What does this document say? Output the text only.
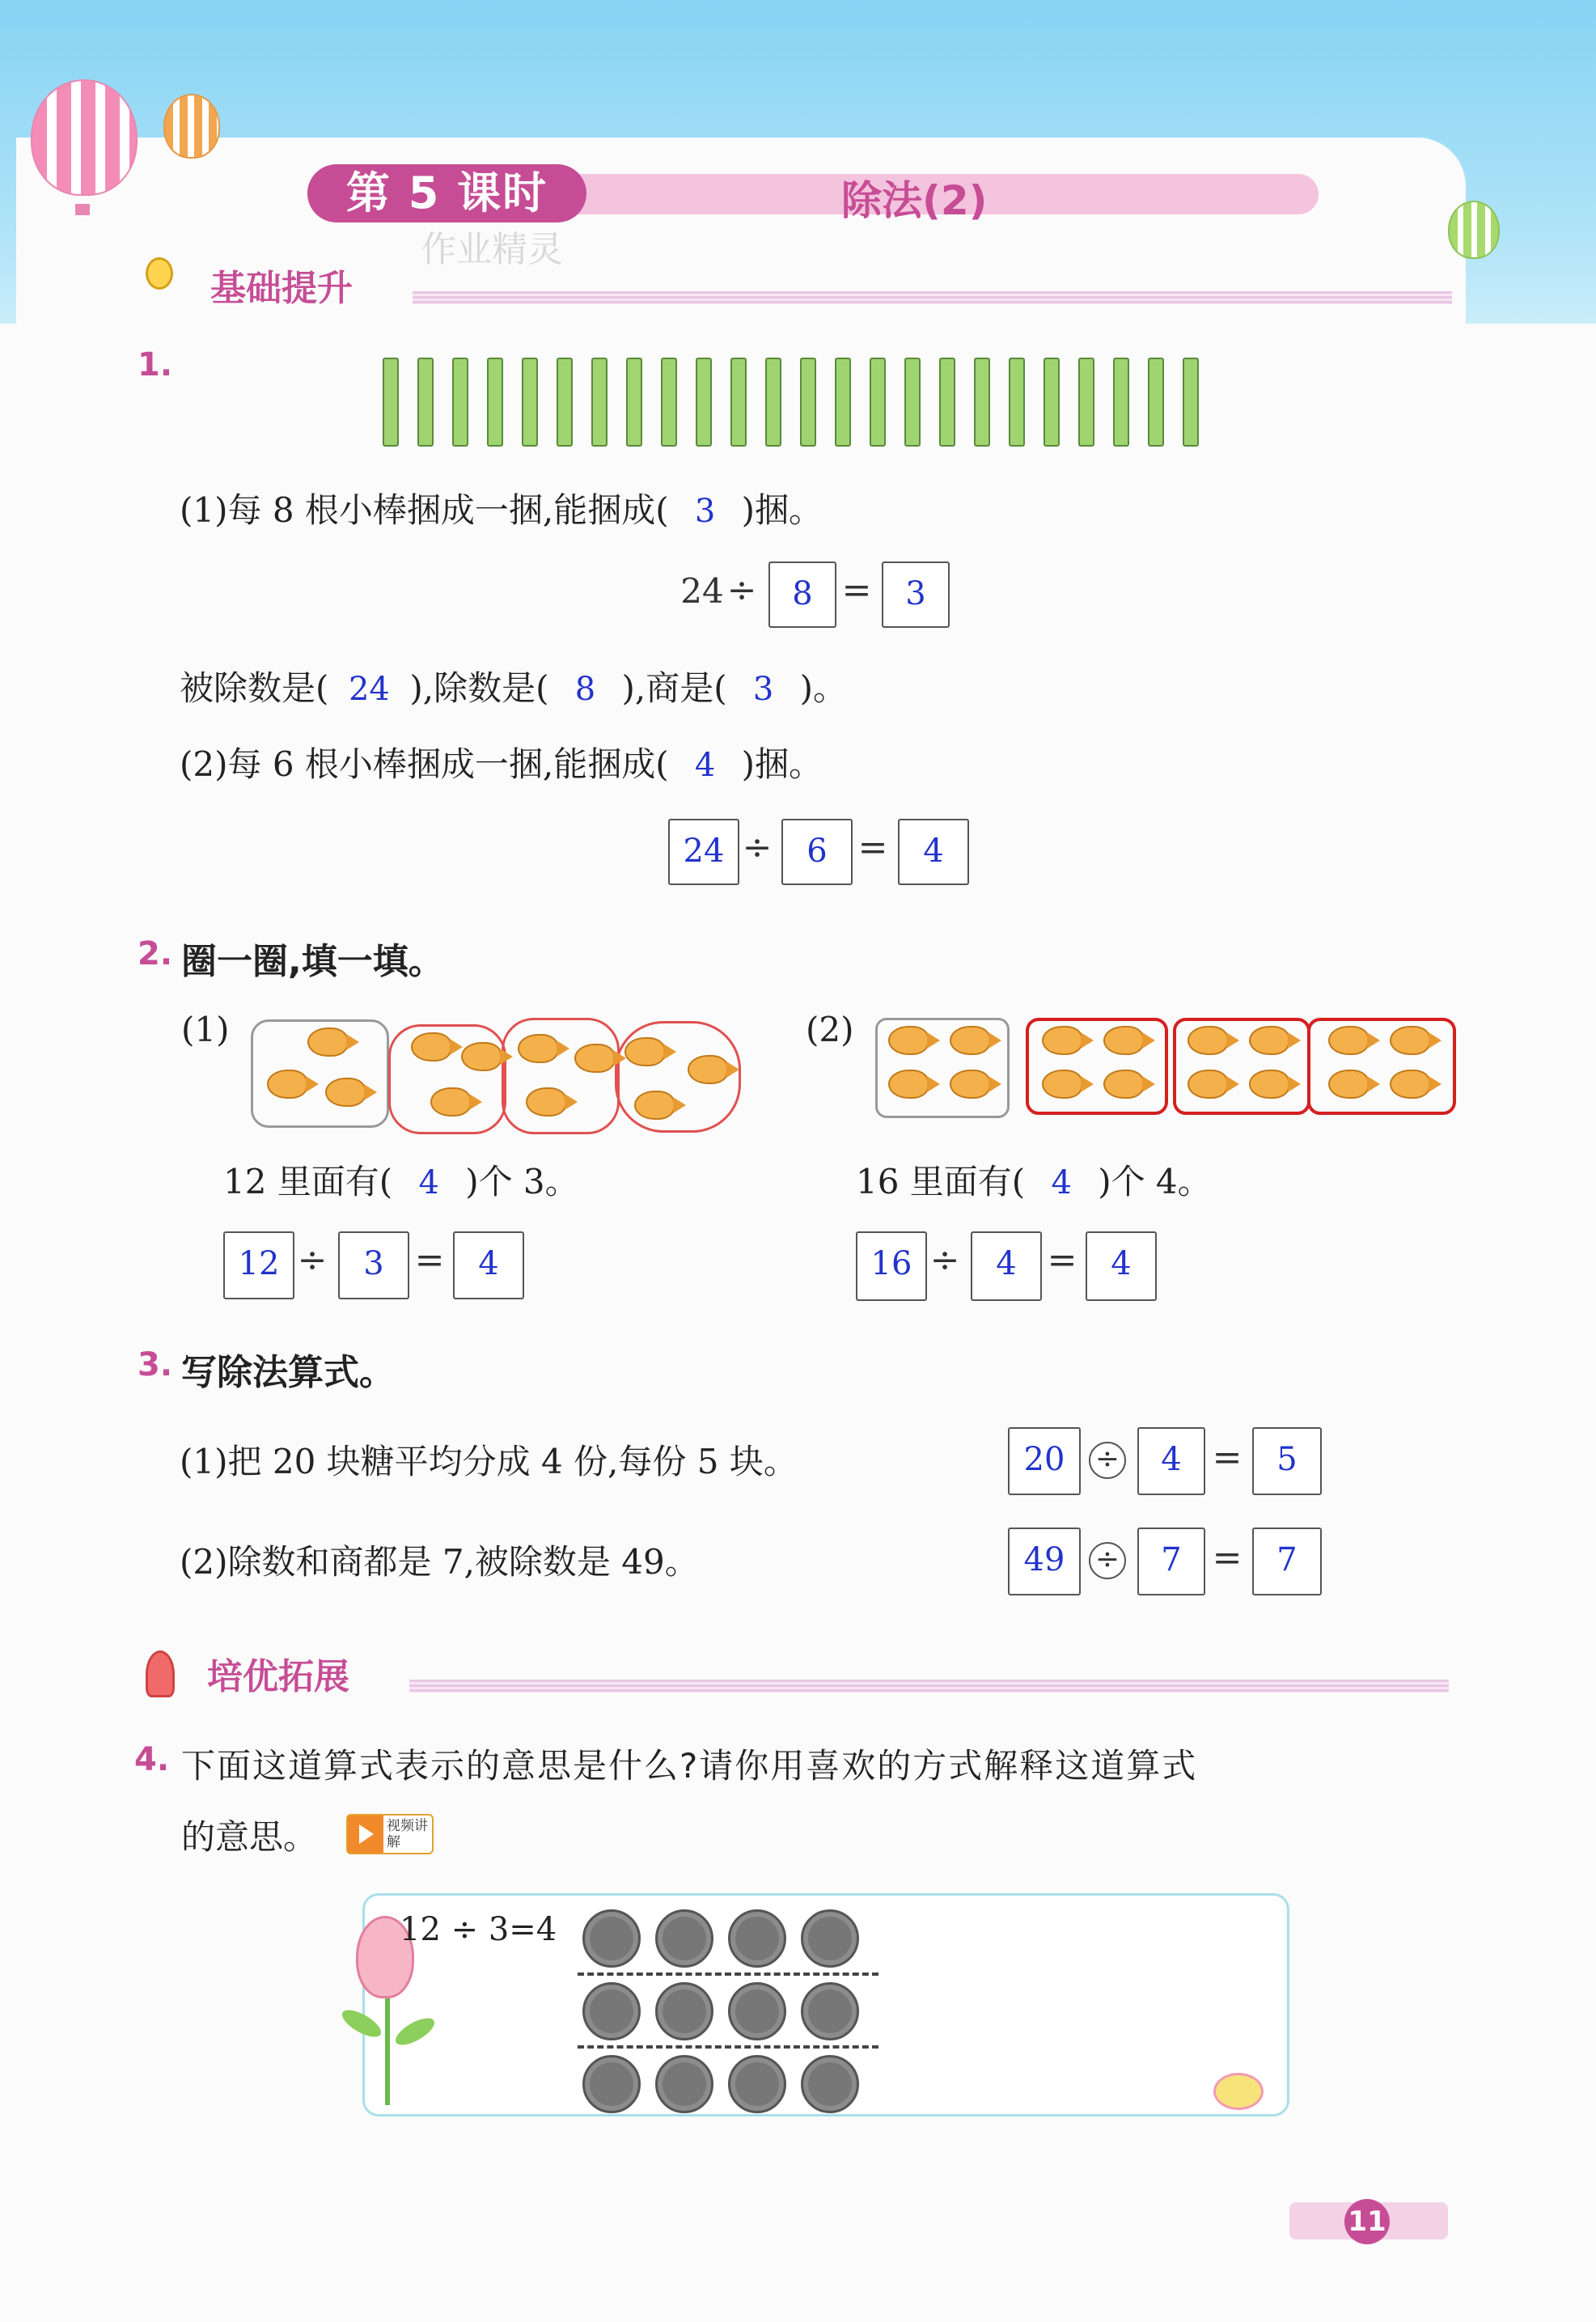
第 5 课时	除法(2)
作业精灵
基础提升
1.
(1)每 8 根小棒捆成一捆,能捆成( 3 )捆。
24 ÷	8 =	3
被除数是( 24 ),除数是( 8 ),商是( 3 )。
(2)每 6 根小棒捆成一捆,能捆成( 4 )捆。
24 ÷	6 =	4
2. 圈一圈,填一填。
(1)	(2)
12 里面有( 4 )个 3。	16 里面有( 4 )个 4。
12 ÷	3 =	4	16 ÷	4 =	4
3. 写除法算式。
(1)把 20 块糖平均分成 4 份,每份 5 块。	20	÷	4 =	5
(2)除数和商都是 7,被除数是 49。	49	÷	7 =	7
培优拓展
4. 下面这道算式表示的意思是什么?请你用喜欢的方式解释这道算式
的意思。	视频讲解
12 ÷ 3=4
11
